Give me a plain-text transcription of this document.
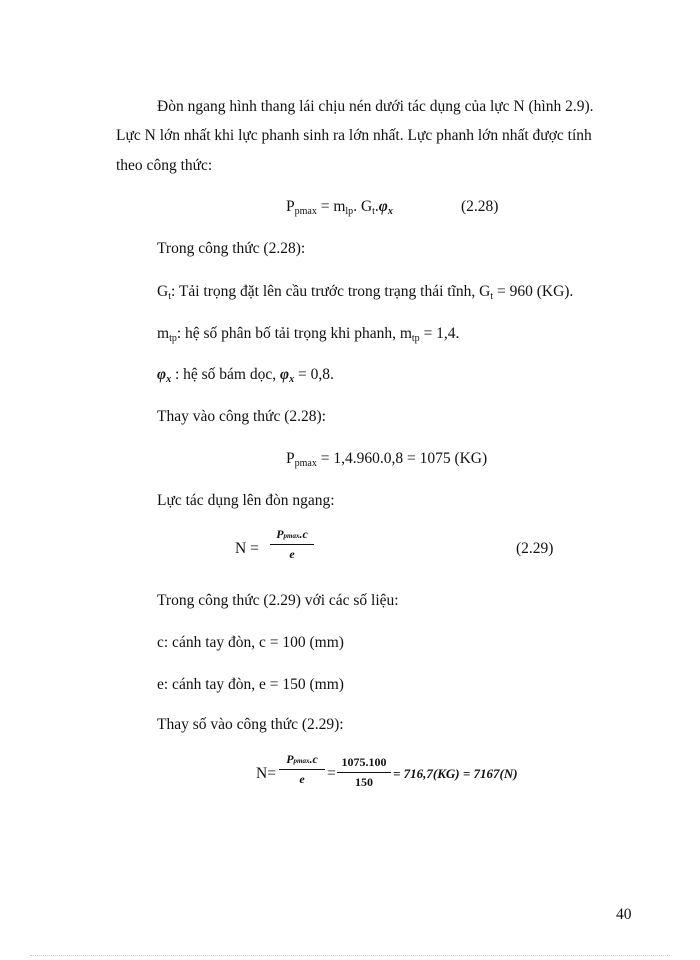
Đòn ngang hình thang lái chịu nén dưới tác dụng của lực N (hình 2.9).
Lực N lớn nhất khi lực phanh sinh ra lớn nhất. Lực phanh lớn nhất được tính
theo công thức:
$P_{pmax} = m_{lp}$. $G_t.\varphi_x$	(2.28)
Trong công thức (2.28):
$G_t$: Tải trọng đặt lên cầu trước trong trạng thái tĩnh, $G_t = 960$ (KG).
$m_{tp}$: hệ số phân bố tải trọng khi phanh, $m_{tp} = 1,4$.
$\varphi_x$ : hệ số bám dọc, $\varphi_x = 0,8$.
Thay vào công thức (2.28):
$P_{pmax} = 1,4.960.0,8 = 1075$ (KG)
Lực tác dụng lên đòn ngang:
N =
Ppmax.c
e	(2.29)
Trong công thức (2.29) với các số liệu:
c: cánh tay đòn, c = 100 (mm)
e: cánh tay đòn, e = 150 (mm)
Thay số vào công thức (2.29):
N=
Ppmax.c
e	=
1075.100
150
= 716,7(KG) = 7167(N)
40
